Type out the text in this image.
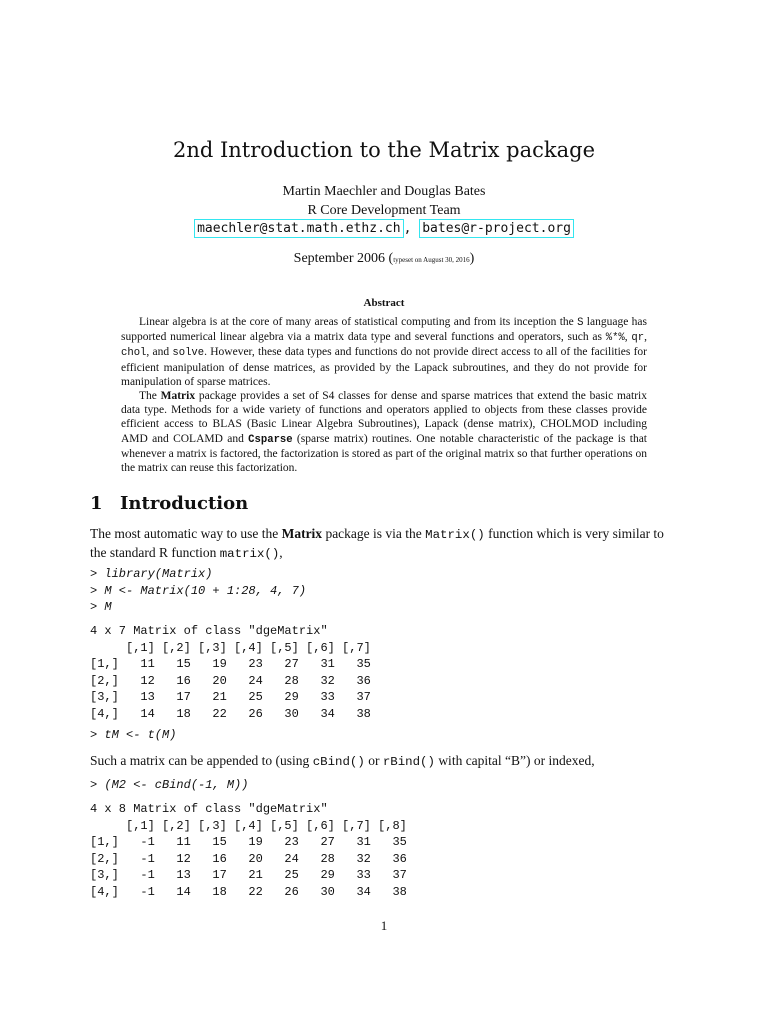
2nd Introduction to the Matrix package
Martin Maechler and Douglas Bates
R Core Development Team
maechler@stat.math.ethz.ch , bates@r-project.org
September 2006 (typeset on August 30, 2016)
Abstract

Linear algebra is at the core of many areas of statistical computing and from its inception the S language has supported numerical linear algebra via a matrix data type and several functions and operators, such as %*%, qr, chol, and solve. However, these data types and functions do not provide direct access to all of the facilities for efficient manipulation of dense matrices, as provided by the Lapack subroutines, and they do not provide for manipulation of sparse matrices.

The Matrix package provides a set of S4 classes for dense and sparse matrices that extend the basic matrix data type. Methods for a wide variety of functions and operators applied to objects from these classes provide efficient access to BLAS (Basic Linear Algebra Subroutines), Lapack (dense matrix), CHOLMOD including AMD and COLAMD and Csparse (sparse matrix) routines. One notable characteristic of the package is that whenever a matrix is factored, the factorization is stored as part of the original matrix so that further operations on the matrix can reuse this factorization.

1 Introduction
The most automatic way to use the Matrix package is via the Matrix() function which is very similar to the standard R function matrix(),
> library(Matrix)
> M <- Matrix(10 + 1:28, 4, 7)
> M
4 x 7 Matrix of class "dgeMatrix"
[,1] [,2] [,3] [,4] [,5] [,6] [,7]
[1,]   11   15   19   23   27   31   35
[2,]   12   16   20   24   28   32   36
[3,]   13   17   21   25   29   33   37
[4,]   14   18   22   26   30   34   38
> tM <- t(M)
Such a matrix can be appended to (using cBind() or rBind() with capital “B”) or indexed,
> (M2 <- cBind(-1, M))
4 x 8 Matrix of class "dgeMatrix"
[,1] [,2] [,3] [,4] [,5] [,6] [,7] [,8]
[1,]   -1   11   15   19   23   27   31   35
[2,]   -1   12   16   20   24   28   32   36
[3,]   -1   13   17   21   25   29   33   37
[4,]   -1   14   18   22   26   30   34   38
1
